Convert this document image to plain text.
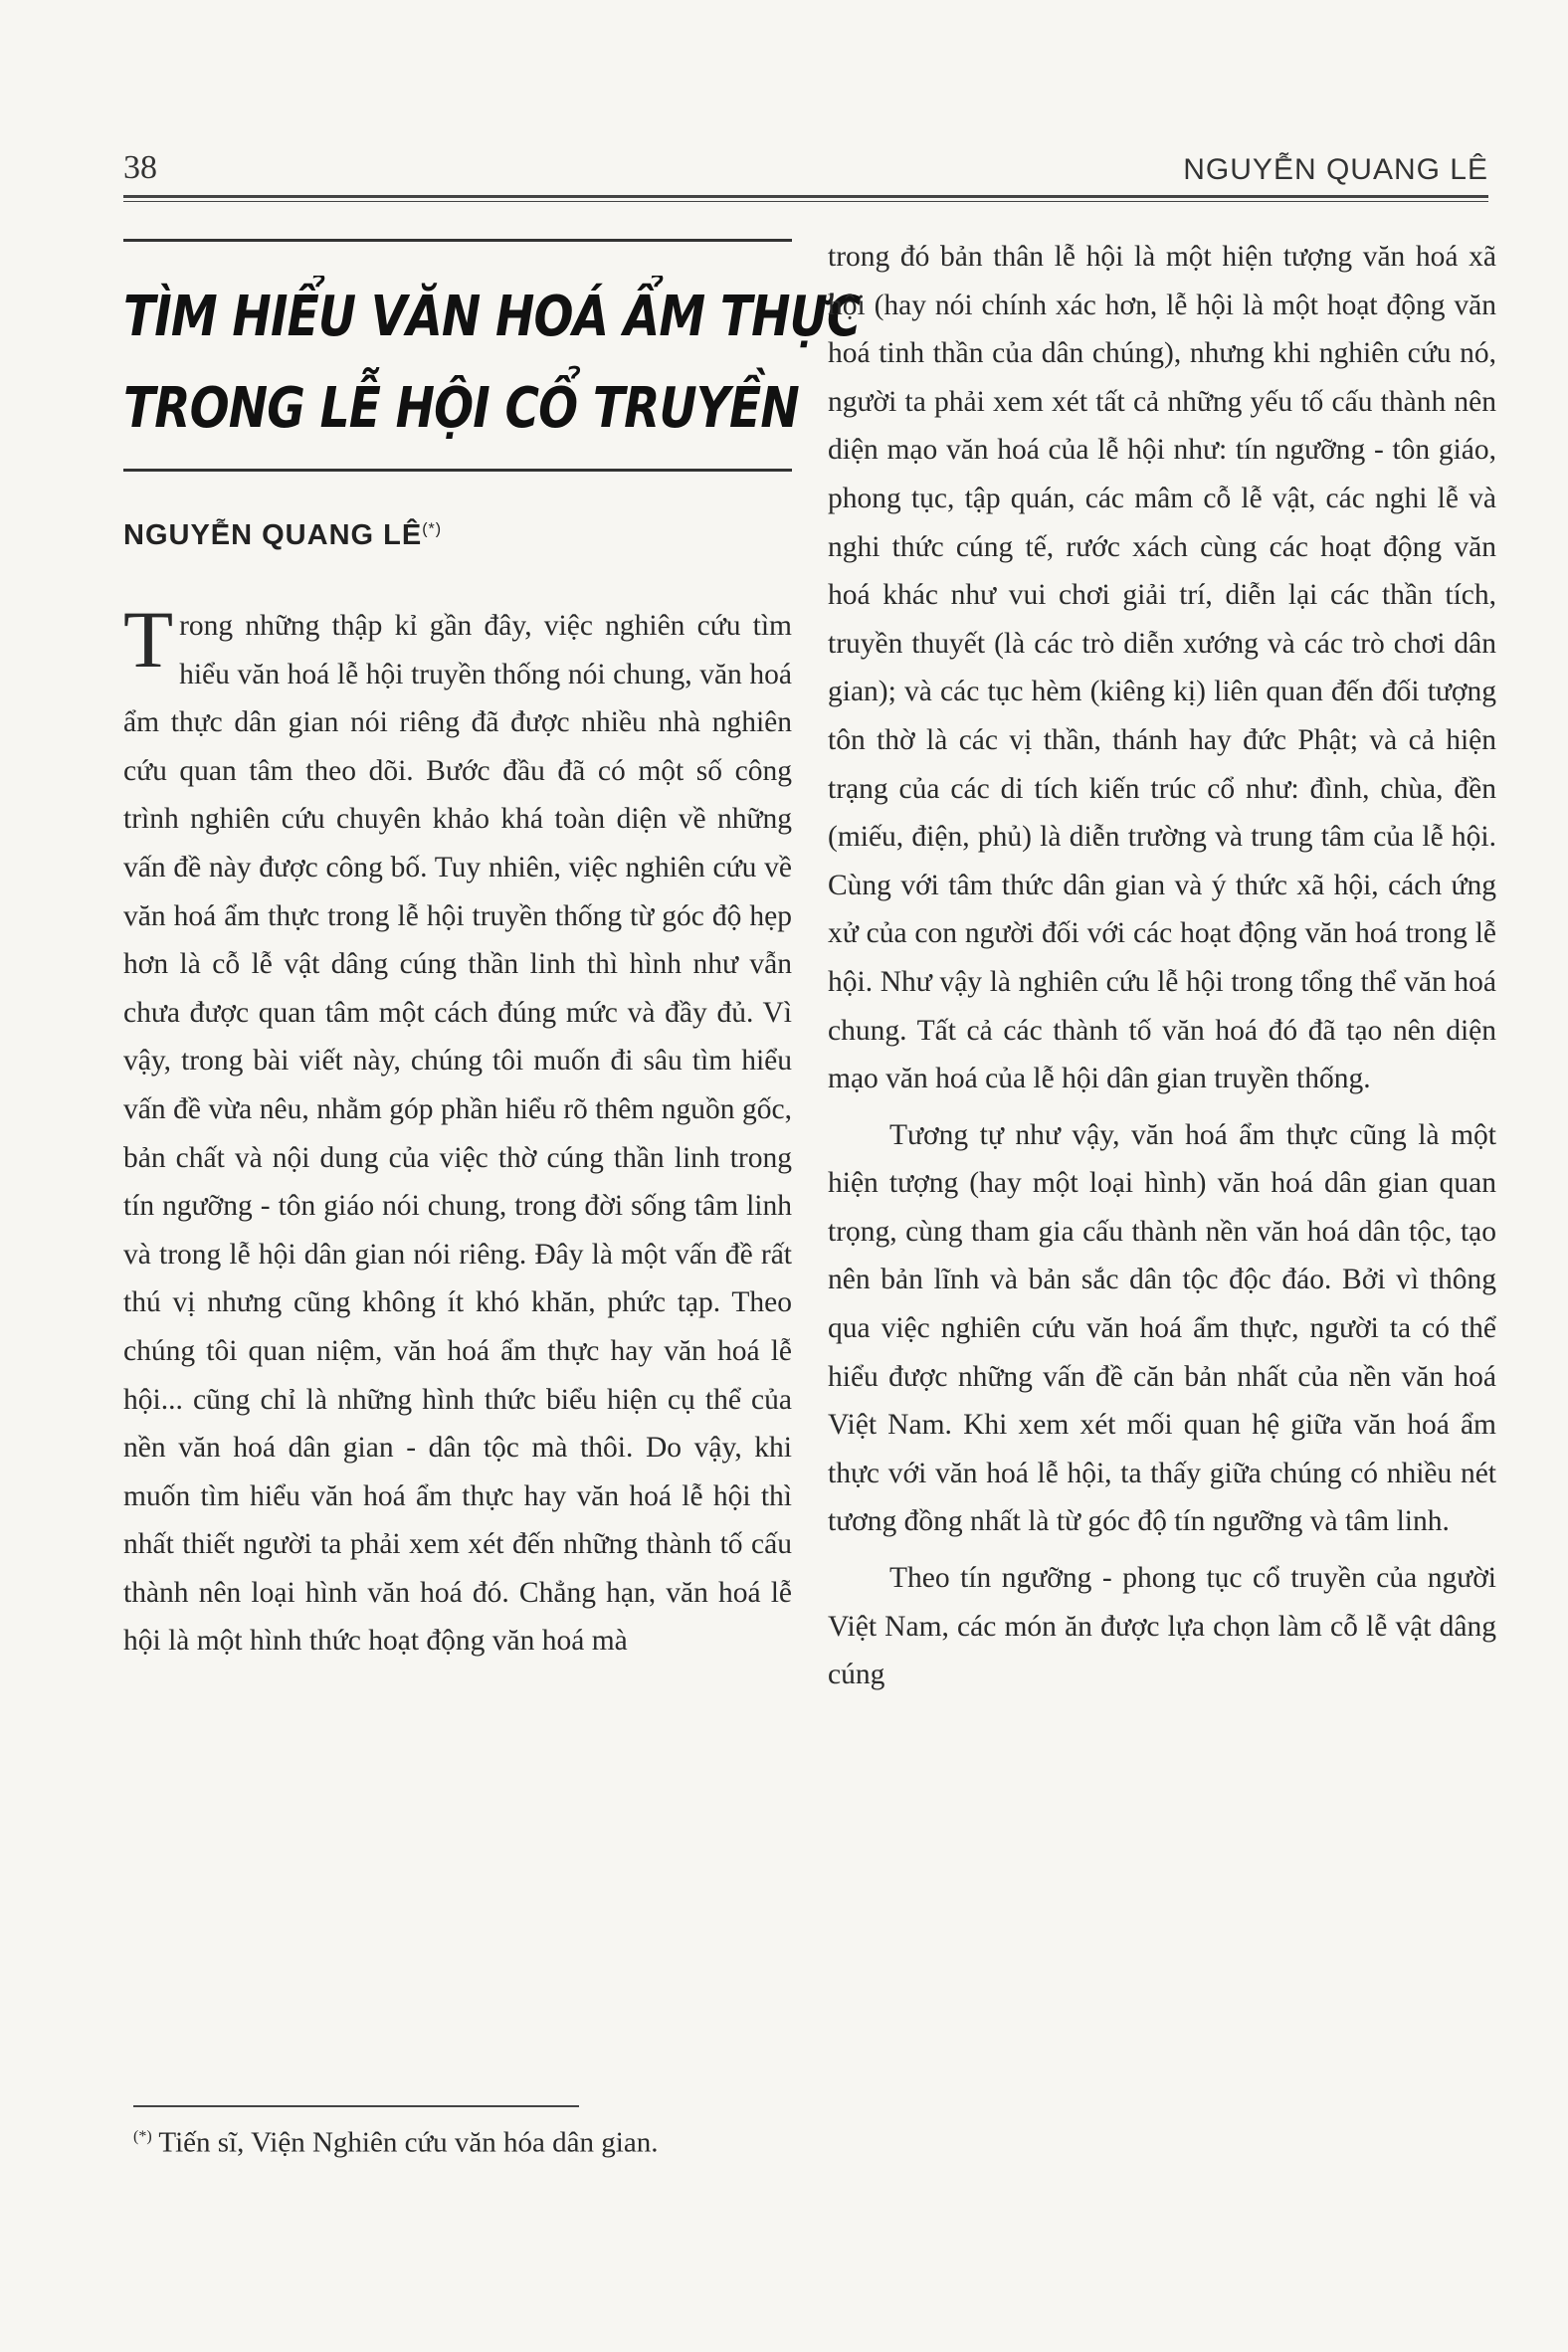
38	NGUYỄN QUANG LÊ
TÌM HIỂU VĂN HOÁ ẨM THỰC
TRONG LỄ HỘI CỔ TRUYỀN
NGUYỄN QUANG LÊ(*)

Trong những thập kỉ gần đây, việc nghiên cứu tìm hiểu văn hoá lễ hội truyền thống nói chung, văn hoá ẩm thực dân gian nói riêng đã được nhiều nhà nghiên cứu quan tâm theo dõi. Bước đầu đã có một số công trình nghiên cứu chuyên khảo khá toàn diện về những vấn đề này được công bố. Tuy nhiên, việc nghiên cứu về văn hoá ẩm thực trong lễ hội truyền thống từ góc độ hẹp hơn là cỗ lễ vật dâng cúng thần linh thì hình như vẫn chưa được quan tâm một cách đúng mức và đầy đủ. Vì vậy, trong bài viết này, chúng tôi muốn đi sâu tìm hiểu vấn đề vừa nêu, nhằm góp phần hiểu rõ thêm nguồn gốc, bản chất và nội dung của việc thờ cúng thần linh trong tín ngưỡng - tôn giáo nói chung, trong đời sống tâm linh và trong lễ hội dân gian nói riêng. Đây là một vấn đề rất thú vị nhưng cũng không ít khó khăn, phức tạp. Theo chúng tôi quan niệm, văn hoá ẩm thực hay văn hoá lễ hội... cũng chỉ là những hình thức biểu hiện cụ thể của nền văn hoá dân gian - dân tộc mà thôi. Do vậy, khi muốn tìm hiểu văn hoá ẩm thực hay văn hoá lễ hội thì nhất thiết người ta phải xem xét đến những thành tố cấu thành nên loại hình văn hoá đó. Chẳng hạn, văn hoá lễ hội là một hình thức hoạt động văn hoá mà

trong đó bản thân lễ hội là một hiện tượng văn hoá xã hội (hay nói chính xác hơn, lễ hội là một hoạt động văn hoá tinh thần của dân chúng), nhưng khi nghiên cứu nó, người ta phải xem xét tất cả những yếu tố cấu thành nên diện mạo văn hoá của lễ hội như: tín ngưỡng - tôn giáo, phong tục, tập quán, các mâm cỗ lễ vật, các nghi lễ và nghi thức cúng tế, rước xách cùng các hoạt động văn hoá khác như vui chơi giải trí, diễn lại các thần tích, truyền thuyết (là các trò diễn xướng và các trò chơi dân gian); và các tục hèm (kiêng kị) liên quan đến đối tượng tôn thờ là các vị thần, thánh hay đức Phật; và cả hiện trạng của các di tích kiến trúc cổ như: đình, chùa, đền (miếu, điện, phủ) là diễn trường và trung tâm của lễ hội. Cùng với tâm thức dân gian và ý thức xã hội, cách ứng xử của con người đối với các hoạt động văn hoá trong lễ hội. Như vậy là nghiên cứu lễ hội trong tổng thể văn hoá chung. Tất cả các thành tố văn hoá đó đã tạo nên diện mạo văn hoá của lễ hội dân gian truyền thống.

Tương tự như vậy, văn hoá ẩm thực cũng là một hiện tượng (hay một loại hình) văn hoá dân gian quan trọng, cùng tham gia cấu thành nền văn hoá dân tộc, tạo nên bản lĩnh và bản sắc dân tộc độc đáo. Bởi vì thông qua việc nghiên cứu văn hoá ẩm thực, người ta có thể hiểu được những vấn đề căn bản nhất của nền văn hoá Việt Nam. Khi xem xét mối quan hệ giữa văn hoá ẩm thực với văn hoá lễ hội, ta thấy giữa chúng có nhiều nét tương đồng nhất là từ góc độ tín ngưỡng và tâm linh.

Theo tín ngưỡng - phong tục cổ truyền của người Việt Nam, các món ăn được lựa chọn làm cỗ lễ vật dâng cúng

(*) Tiến sĩ, Viện Nghiên cứu văn hóa dân gian.
